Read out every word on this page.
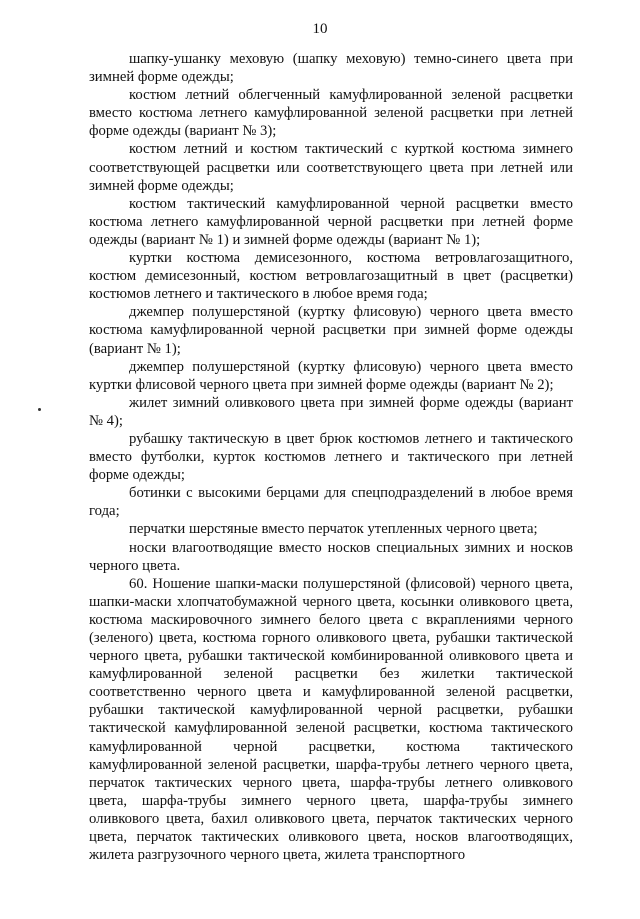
10

шапку-ушанку меховую (шапку меховую) темно-синего цвета при зимней форме одежды;

костюм летний облегченный камуфлированной зеленой расцветки вместо костюма летнего камуфлированной зеленой расцветки при летней форме одежды (вариант № 3);

костюм летний и костюм тактический с курткой костюма зимнего соответствующей расцветки или соответствующего цвета при летней или зимней форме одежды;

костюм тактический камуфлированной черной расцветки вместо костюма летнего камуфлированной черной расцветки при летней форме одежды (вариант № 1) и зимней форме одежды (вариант № 1);

куртки костюма демисезонного, костюма ветровлагозащитного, костюм демисезонный, костюм ветровлагозащитный в цвет (расцветки) костюмов летнего и тактического в любое время года;

джемпер полушерстяной (куртку флисовую) черного цвета вместо костюма камуфлированной черной расцветки при зимней форме одежды (вариант № 1);

джемпер полушерстяной (куртку флисовую) черного цвета вместо куртки флисовой черного цвета при зимней форме одежды (вариант № 2);

жилет зимний оливкового цвета при зимней форме одежды (вариант № 4);

рубашку тактическую в цвет брюк костюмов летнего и тактического вместо футболки, курток костюмов летнего и тактического при летней форме одежды;

ботинки с высокими берцами для спецподразделений в любое время года;

перчатки шерстяные вместо перчаток утепленных черного цвета;

носки влагоотводящие вместо носков специальных зимних и носков черного цвета.

60. Ношение шапки-маски полушерстяной (флисовой) черного цвета, шапки-маски хлопчатобумажной черного цвета, косынки оливкового цвета, костюма маскировочного зимнего белого цвета с вкраплениями черного (зеленого) цвета, костюма горного оливкового цвета, рубашки тактической черного цвета, рубашки тактической комбинированной оливкового цвета и камуфлированной зеленой расцветки без жилетки тактической соответственно черного цвета и камуфлированной зеленой расцветки, рубашки тактической камуфлированной черной расцветки, рубашки тактической камуфлированной зеленой расцветки, костюма тактического камуфлированной черной расцветки, костюма тактического камуфлированной зеленой расцветки, шарфа-трубы летнего черного цвета, перчаток тактических черного цвета, шарфа-трубы летнего оливкового цвета, шарфа-трубы зимнего черного цвета, шарфа-трубы зимнего оливкового цвета, бахил оливкового цвета, перчаток тактических черного цвета, перчаток тактических оливкового цвета, носков влагоотводящих, жилета разгрузочного черного цвета, жилета транспортного
